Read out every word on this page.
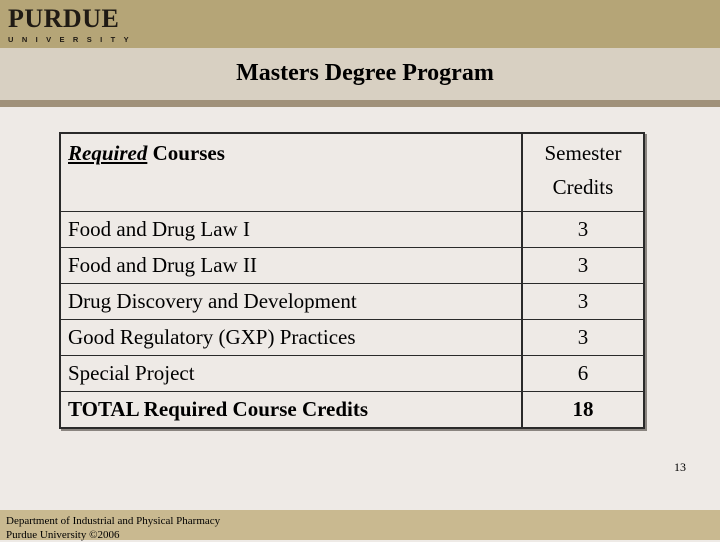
PURDUE
UNIVERSITY
Masters Degree Program
Required Courses	Semester
Credits
Food and Drug Law I	3
Food and Drug Law II	3
Drug Discovery and Development	3
Good Regulatory (GXP) Practices	3
Special Project	6
TOTAL Required Course Credits	18
13
Department of Industrial and Physical Pharmacy
Purdue University ©2006
